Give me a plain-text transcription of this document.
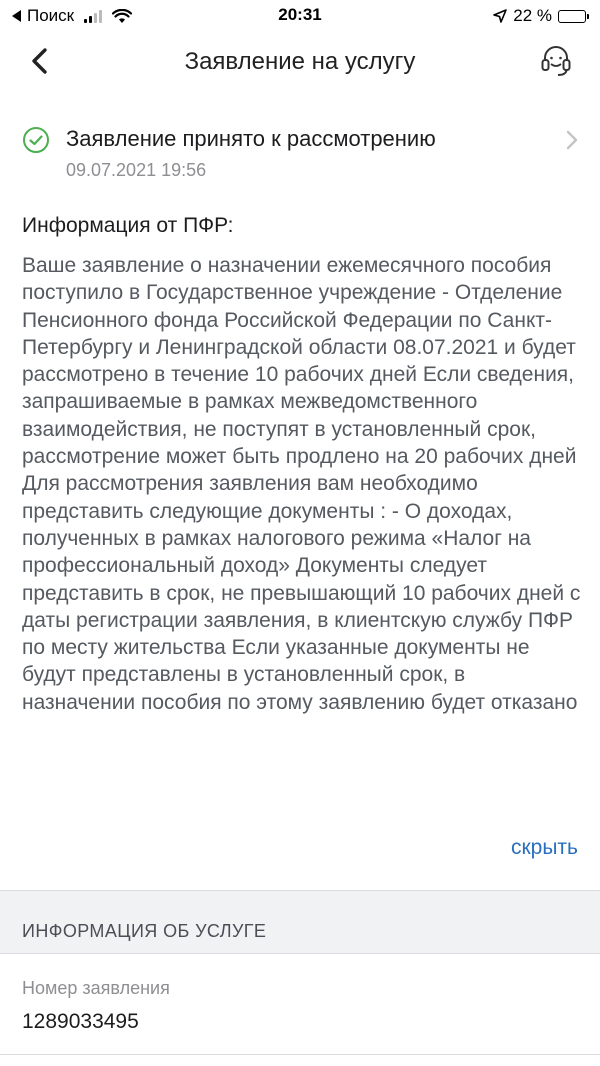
Поиск	20:31	22 %
Заявление на услугу
Заявление принято к рассмотрению
09.07.2021 19:56
Информация от ПФР:
Ваше заявление о назначении ежемесячного пособия поступило в Государственное учреждение - Отделение Пенсионного фонда Российской Федерации по Санкт-Петербургу и Ленинградской области 08.07.2021 и будет рассмотрено в течение 10 рабочих дней Если сведения, запрашиваемые в рамках межведомственного взаимодействия, не поступят в установленный срок, рассмотрение может быть продлено на 20 рабочих дней Для рассмотрения заявления вам необходимо представить следующие документы : - О доходах, полученных в рамках налогового режима «Налог на профессиональный доход» Документы следует представить в срок, не превышающий 10 рабочих дней с даты регистрации заявления, в клиентскую службу ПФР по месту жительства Если указанные документы не будут представлены в установленный срок, в назначении пособия по этому заявлению будет отказано
скрыть
ИНФОРМАЦИЯ ОБ УСЛУГЕ
Номер заявления
1289033495
